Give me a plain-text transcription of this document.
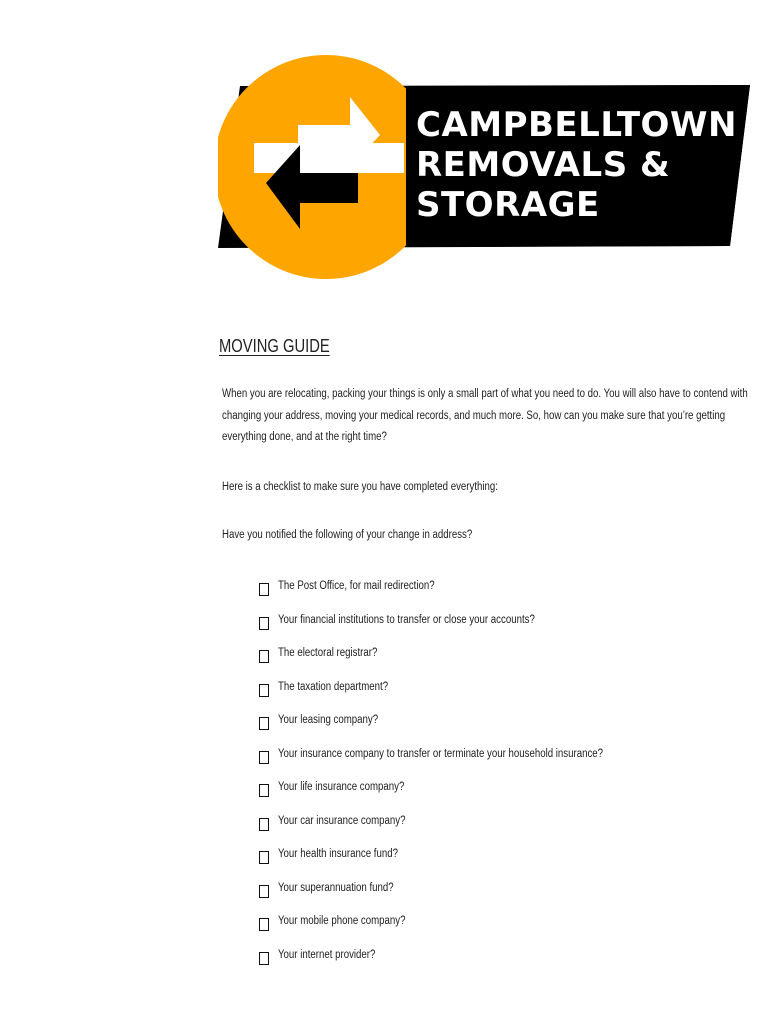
CAMPBELLTOWN
REMOVALS &
STORAGE
MOVING GUIDE
When you are relocating, packing your things is only a small part of what you need to do. You will also have to contend with
changing your address, moving your medical records, and much more. So, how can you make sure that you’re getting
everything done, and at the right time?
Here is a checklist to make sure you have completed everything:
Have you notified the following of your change in address?
The Post Office, for mail redirection?
Your financial institutions to transfer or close your accounts?
The electoral registrar?
The taxation department?
Your leasing company?
Your insurance company to transfer or terminate your household insurance?
Your life insurance company?
Your car insurance company?
Your health insurance fund?
Your superannuation fund?
Your mobile phone company?
Your internet provider?
